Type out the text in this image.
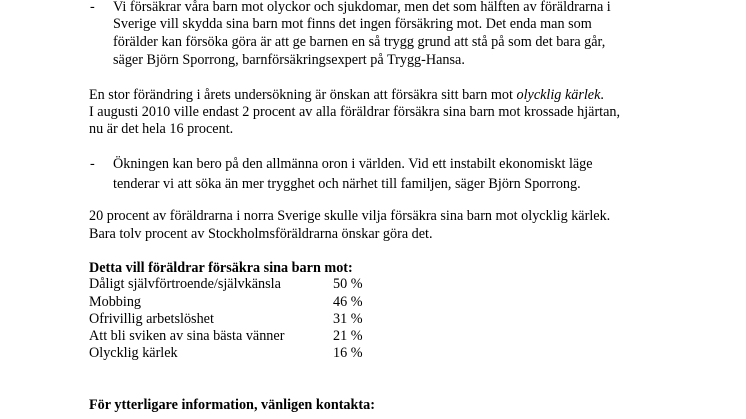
- Vi försäkrar våra barn mot olyckor och sjukdomar, men det som hälften av föräldrarna i
Sverige vill skydda sina barn mot finns det ingen försäkring mot. Det enda man som
förälder kan försöka göra är att ge barnen en så trygg grund att stå på som det bara går,
säger Björn Sporrong, barnförsäkringsexpert på Trygg-Hansa.
En stor förändring i årets undersökning är önskan att försäkra sitt barn mot olycklig kärlek.
I augusti 2010 ville endast 2 procent av alla föräldrar försäkra sina barn mot krossade hjärtan,
nu är det hela 16 procent.
- Ökningen kan bero på den allmänna oron i världen. Vid ett instabilt ekonomiskt läge
tenderar vi att söka än mer trygghet och närhet till familjen, säger Björn Sporrong.
20 procent av föräldrarna i norra Sverige skulle vilja försäkra sina barn mot olycklig kärlek.
Bara tolv procent av Stockholmsföräldrarna önskar göra det.
Detta vill föräldrar försäkra sina barn mot:
Dåligt självförtroende/självkänsla	50 %
Mobbing	46 %
Ofrivillig arbetslöshet	31 %
Att bli sviken av sina bästa vänner	21 %
Olycklig kärlek	16 %
För ytterligare information, vänligen kontakta:
